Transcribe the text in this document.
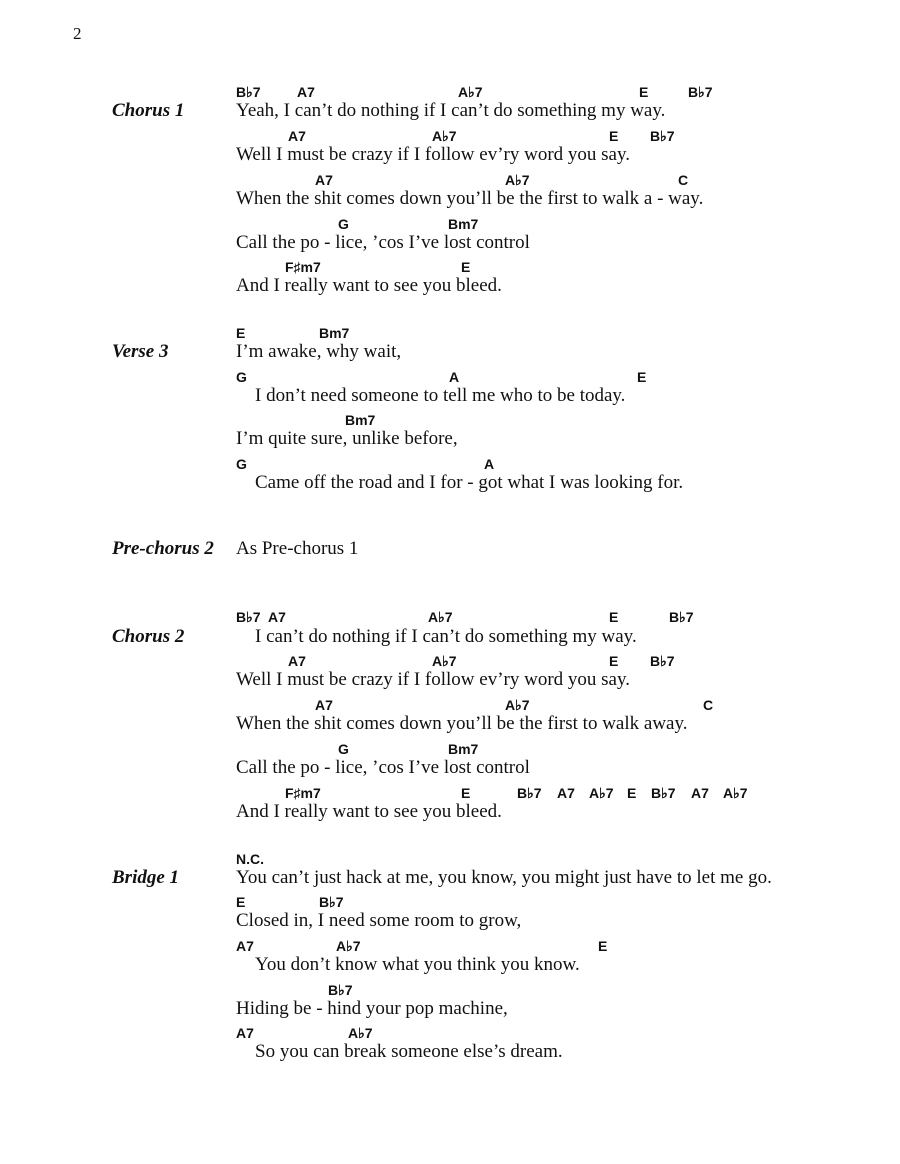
2
Chorus 1
B♭7	A7	A♭7	E	B♭7
Yeah, I can’t do nothing if I can’t do something my way.
A7	A♭7	E B♭7
Well I must be crazy if I follow ev’ry word you say.
A7	A♭7	C
When the shit comes down you’ll be the first to walk a - way.
G	Bm7
Call the po - lice, ’cos I’ve lost control
F♯m7	E
And I really want to see you bleed.
Verse 3
E	Bm7
I’m awake, why wait,
G	A	E
I don’t need someone to tell me who to be today.
Bm7
I’m quite sure, unlike before,
G	A
Came off the road and I for - got what I was looking for.
Pre-chorus 2 As Pre-chorus 1
Chorus 2
B♭7 A7	A♭7	E	B♭7
I can’t do nothing if I can’t do something my way.
A7	A♭7	E B♭7
Well I must be crazy if I follow ev’ry word you say.
A7	A♭7	C
When the shit comes down you’ll be the first to walk away.
G	Bm7
Call the po - lice, ’cos I’ve lost control
F♯m7	E	B♭7 A7 A♭7 E B♭7 A7 A♭7
And I really want to see you bleed.
Bridge 1
N.C.
You can’t just hack at me, you know, you might just have to let me go.
E	B♭7
Closed in, I need some room to grow,
A7	A♭7	E
You don’t know what you think you know.
B♭7
Hiding be - hind your pop machine,
A7	A♭7
So you can break someone else’s dream.
